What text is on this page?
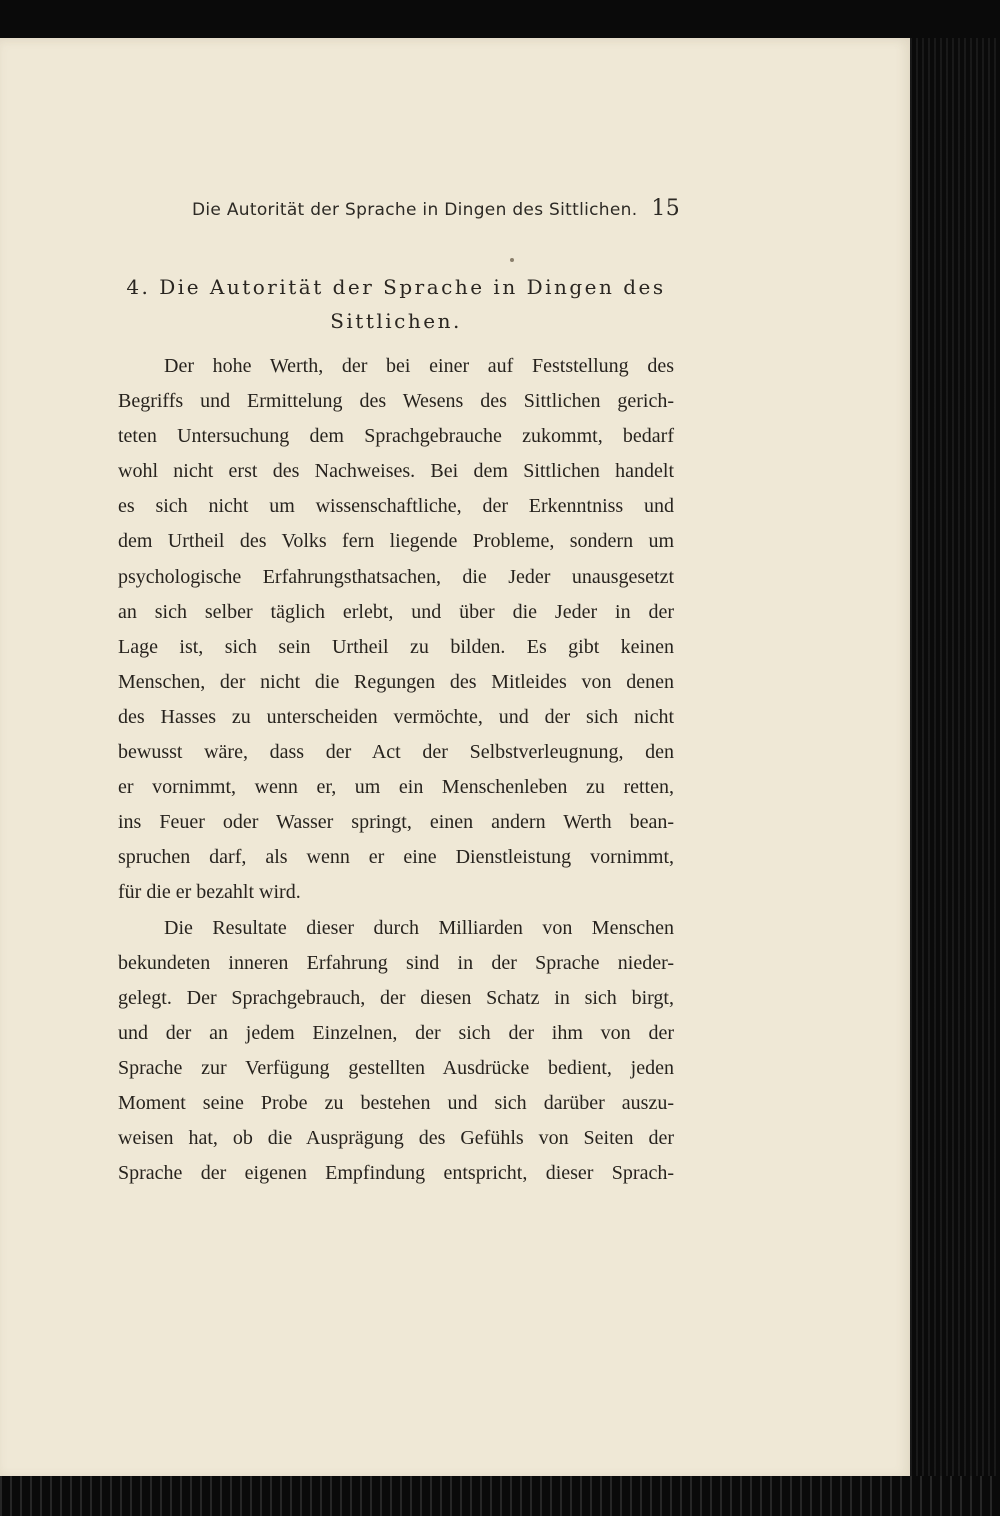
Die Autorität der Sprache in Dingen des Sittlichen. 15
4. Die Autorität der Sprache in Dingen des
Sittlichen.
Der hohe Werth, der bei einer auf Feststellung des
Begriffs und Ermittelung des Wesens des Sittlichen gerich-
teten Untersuchung dem Sprachgebrauche zukommt, bedarf
wohl nicht erst des Nachweises. Bei dem Sittlichen handelt
es sich nicht um wissenschaftliche, der Erkenntniss und
dem Urtheil des Volks fern liegende Probleme, sondern um
psychologische Erfahrungsthatsachen, die Jeder unausgesetzt
an sich selber täglich erlebt, und über die Jeder in der
Lage ist, sich sein Urtheil zu bilden. Es gibt keinen
Menschen, der nicht die Regungen des Mitleides von denen
des Hasses zu unterscheiden vermöchte, und der sich nicht
bewusst wäre, dass der Act der Selbstverleugnung, den
er vornimmt, wenn er, um ein Menschenleben zu retten,
ins Feuer oder Wasser springt, einen andern Werth bean-
spruchen darf, als wenn er eine Dienstleistung vornimmt,
für die er bezahlt wird.
Die Resultate dieser durch Milliarden von Menschen
bekundeten inneren Erfahrung sind in der Sprache nieder-
gelegt. Der Sprachgebrauch, der diesen Schatz in sich birgt,
und der an jedem Einzelnen, der sich der ihm von der
Sprache zur Verfügung gestellten Ausdrücke bedient, jeden
Moment seine Probe zu bestehen und sich darüber auszu-
weisen hat, ob die Ausprägung des Gefühls von Seiten der
Sprache der eigenen Empfindung entspricht, dieser Sprach-
